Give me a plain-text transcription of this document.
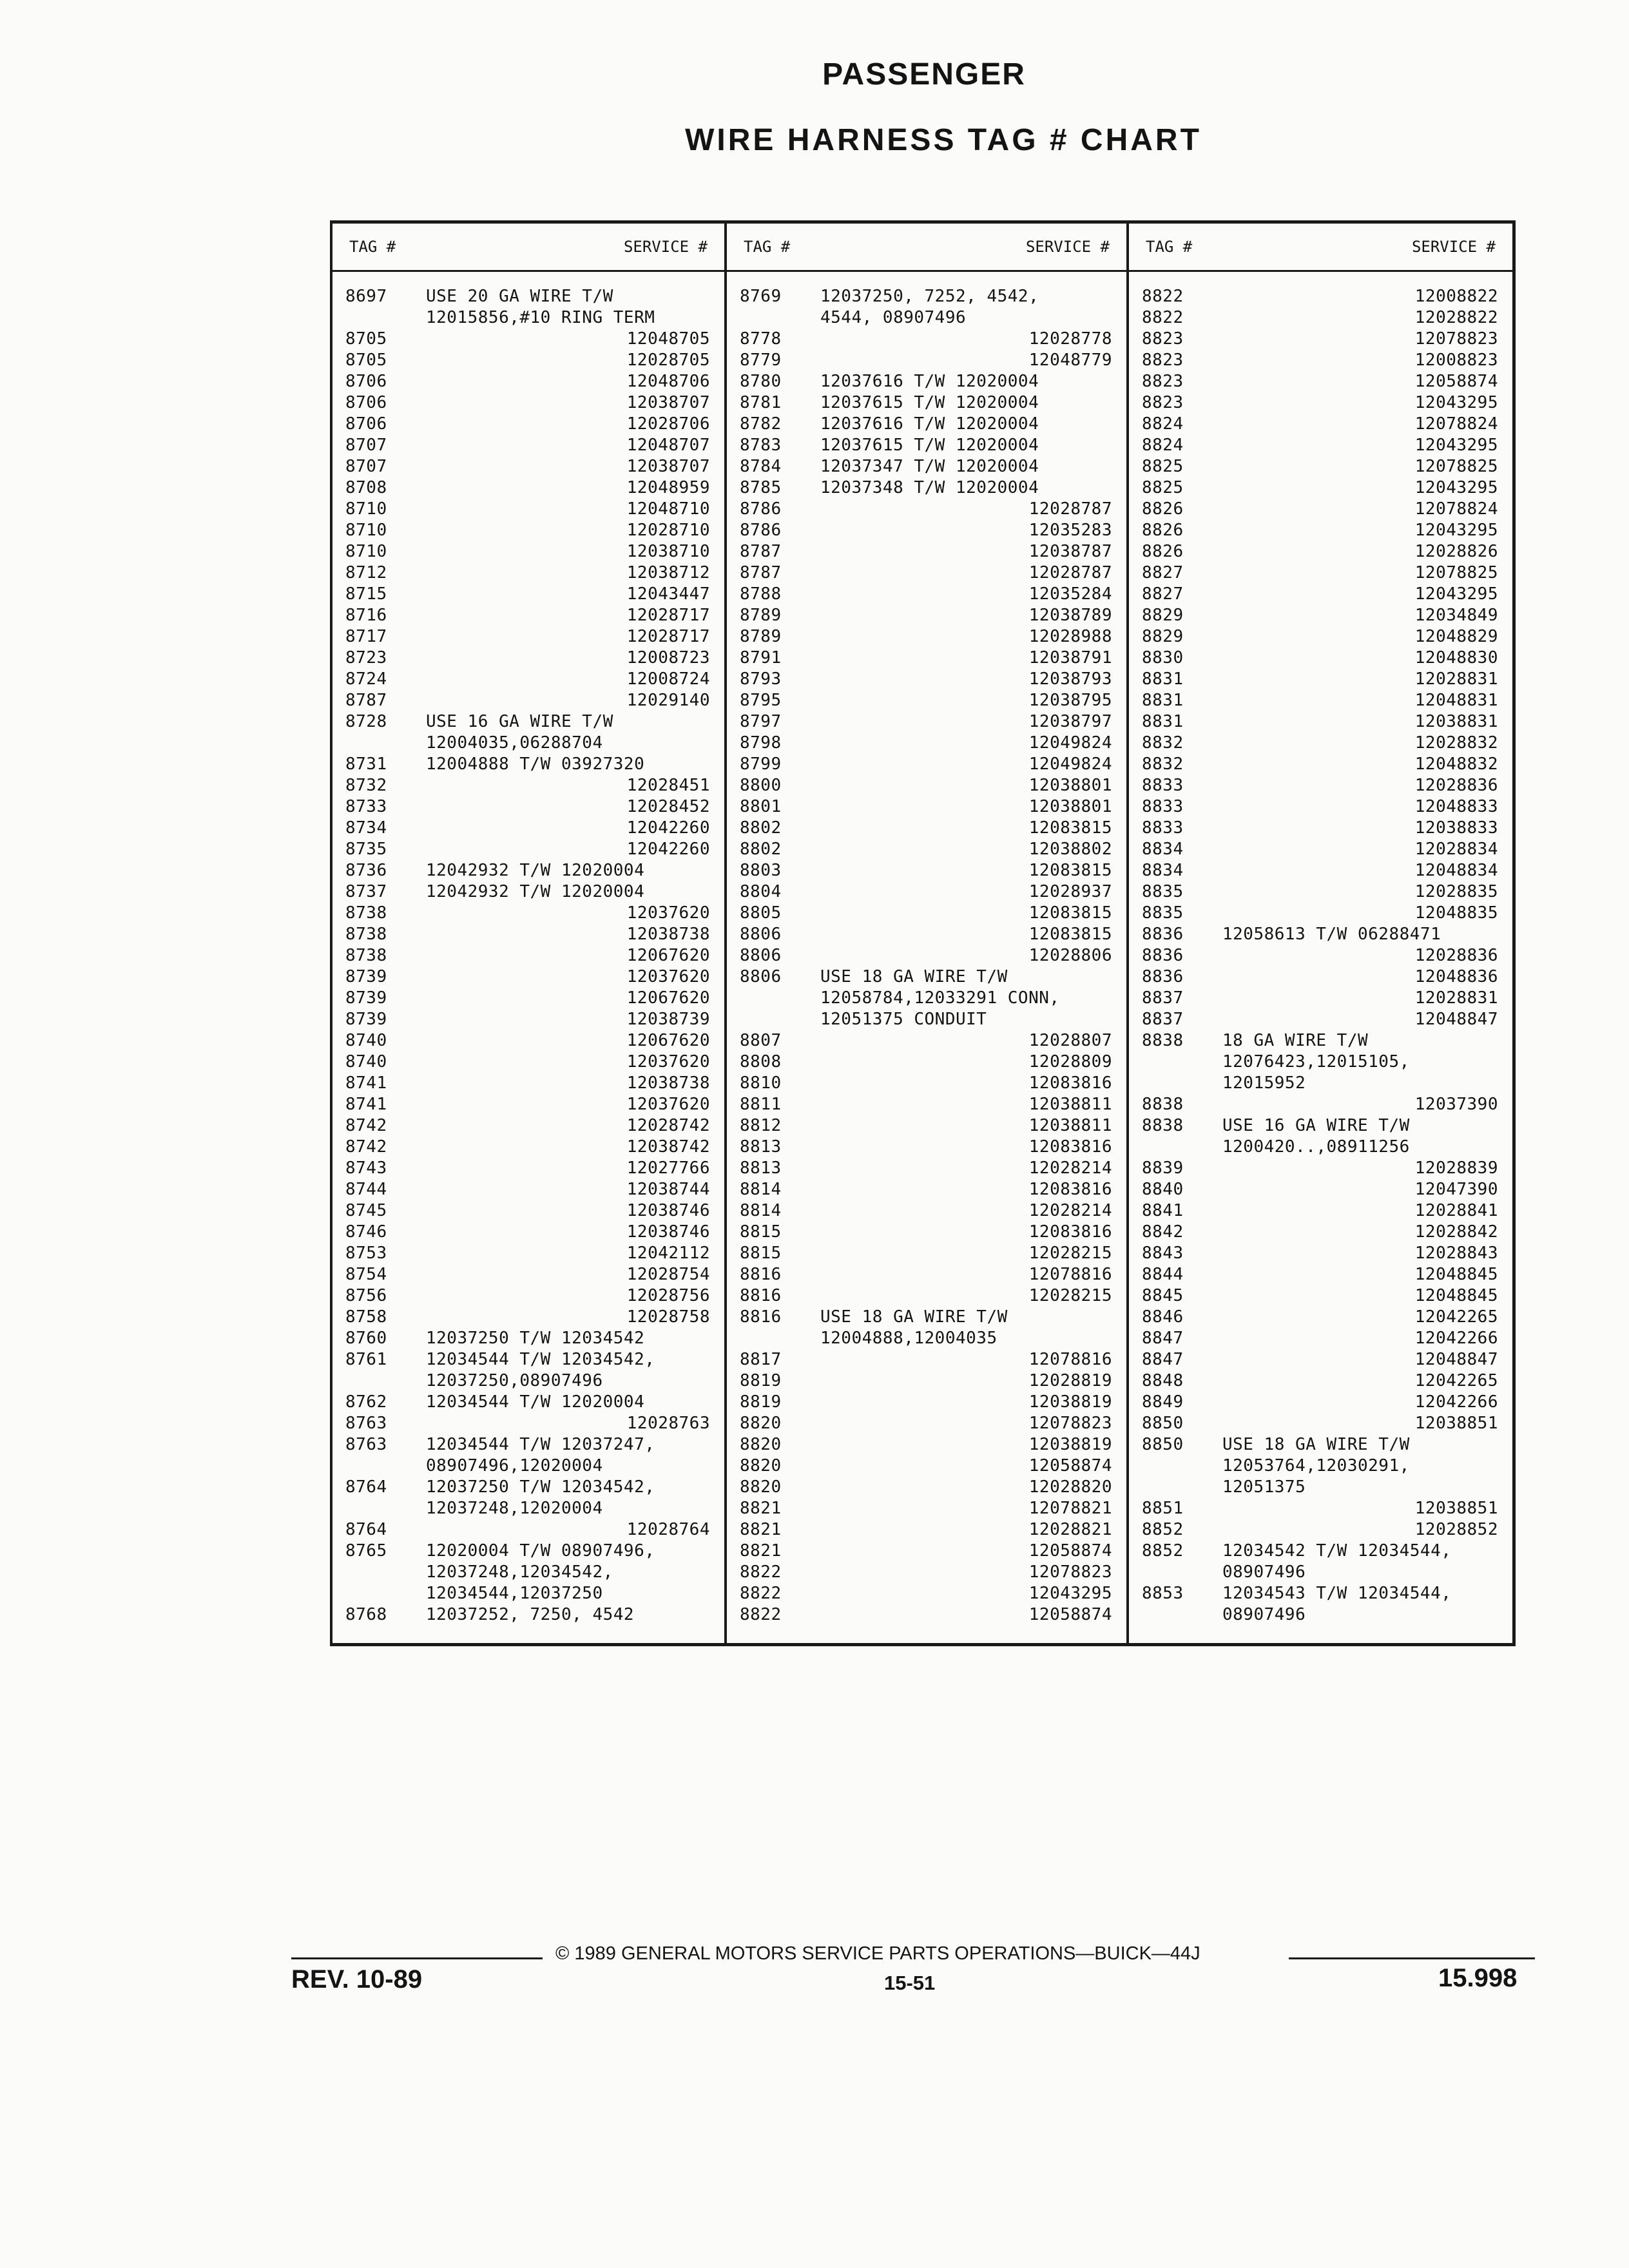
PASSENGER
WIRE HARNESS TAG # CHART
TAG #	SERVICE # TAG #	SERVICE # TAG #	SERVICE #
8697 USE 20 GA WIRE T/W
12015856,#10 RING TERM
8705	12048705
8705	12028705
8706	12048706
8706	12038707
8706	12028706
8707	12048707
8707	12038707
8708	12048959
8710	12048710
8710	12028710
8710	12038710
8712	12038712
8715	12043447
8716	12028717
8717	12028717
8723	12008723
8724	12008724
8787	12029140
8728 USE 16 GA WIRE T/W
12004035,06288704
8731 12004888 T/W 03927320
8732	12028451
8733	12028452
8734	12042260
8735	12042260
8736 12042932 T/W 12020004
8737 12042932 T/W 12020004
8738	12037620
8738	12038738
8738	12067620
8739	12037620
8739	12067620
8739	12038739
8740	12067620
8740	12037620
8741	12038738
8741	12037620
8742	12028742
8742	12038742
8743	12027766
8744	12038744
8745	12038746
8746	12038746
8753	12042112
8754	12028754
8756	12028756
8758	12028758
8760 12037250 T/W 12034542
8761 12034544 T/W 12034542,
12037250,08907496
8762 12034544 T/W 12020004
8763	12028763
8763 12034544 T/W 12037247,
08907496,12020004
8764 12037250 T/W 12034542,
12037248,12020004
8764	12028764
8765 12020004 T/W 08907496,
12037248,12034542,
12034544,12037250
8768 12037252, 7250, 4542
8769 12037250, 7252, 4542,
4544, 08907496
8778	12028778
8779	12048779
8780 12037616 T/W 12020004
8781 12037615 T/W 12020004
8782 12037616 T/W 12020004
8783 12037615 T/W 12020004
8784 12037347 T/W 12020004
8785 12037348 T/W 12020004
8786	12028787
8786	12035283
8787	12038787
8787	12028787
8788	12035284
8789	12038789
8789	12028988
8791	12038791
8793	12038793
8795	12038795
8797	12038797
8798	12049824
8799	12049824
8800	12038801
8801	12038801
8802	12083815
8802	12038802
8803	12083815
8804	12028937
8805	12083815
8806	12083815
8806	12028806
8806 USE 18 GA WIRE T/W
12058784,12033291 CONN,
12051375 CONDUIT
8807	12028807
8808	12028809
8810	12083816
8811	12038811
8812	12038811
8813	12083816
8813	12028214
8814	12083816
8814	12028214
8815	12083816
8815	12028215
8816	12078816
8816	12028215
8816 USE 18 GA WIRE T/W
12004888,12004035
8817	12078816
8819	12028819
8819	12038819
8820	12078823
8820	12038819
8820	12058874
8820	12028820
8821	12078821
8821	12028821
8821	12058874
8822	12078823
8822	12043295
8822	12058874
8822	12008822
8822	12028822
8823	12078823
8823	12008823
8823	12058874
8823	12043295
8824	12078824
8824	12043295
8825	12078825
8825	12043295
8826	12078824
8826	12043295
8826	12028826
8827	12078825
8827	12043295
8829	12034849
8829	12048829
8830	12048830
8831	12028831
8831	12048831
8831	12038831
8832	12028832
8832	12048832
8833	12028836
8833	12048833
8833	12038833
8834	12028834
8834	12048834
8835	12028835
8835	12048835
8836 12058613 T/W 06288471
8836	12028836
8836	12048836
8837	12028831
8837	12048847
8838 18 GA WIRE T/W
12076423,12015105,
12015952
8838	12037390
8838 USE 16 GA WIRE T/W
1200420..,08911256
8839	12028839
8840	12047390
8841	12028841
8842	12028842
8843	12028843
8844	12048845
8845	12048845
8846	12042265
8847	12042266
8847	12048847
8848	12042265
8849	12042266
8850	12038851
8850 USE 18 GA WIRE T/W
12053764,12030291,
12051375
8851	12038851
8852	12028852
8852 12034542 T/W 12034544,
08907496
8853 12034543 T/W 12034544,
08907496
© 1989 GENERAL MOTORS SERVICE PARTS OPERATIONS—BUICK—44J
REV. 10-89	15-51	15.998
